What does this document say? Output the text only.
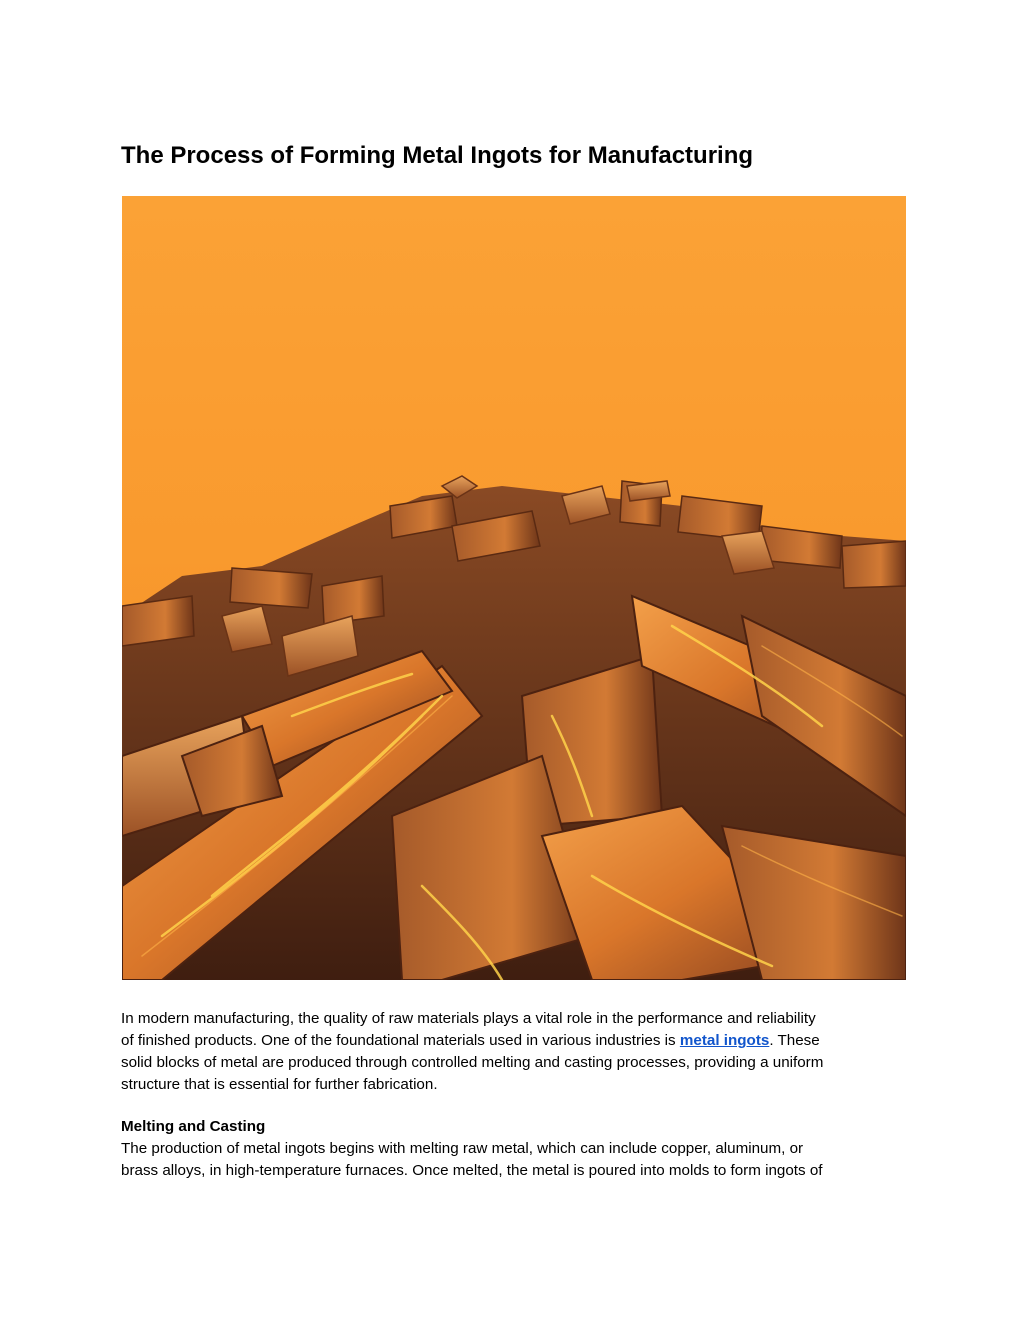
The Process of Forming Metal Ingots for Manufacturing

In modern manufacturing, the quality of raw materials plays a vital role in the performance and reliability
of finished products. One of the foundational materials used in various industries is metal ingots. These
solid blocks of metal are produced through controlled melting and casting processes, providing a uniform
structure that is essential for further fabrication.

Melting and Casting
The production of metal ingots begins with melting raw metal, which can include copper, aluminum, or
brass alloys, in high-temperature furnaces. Once melted, the metal is poured into molds to form ingots of
